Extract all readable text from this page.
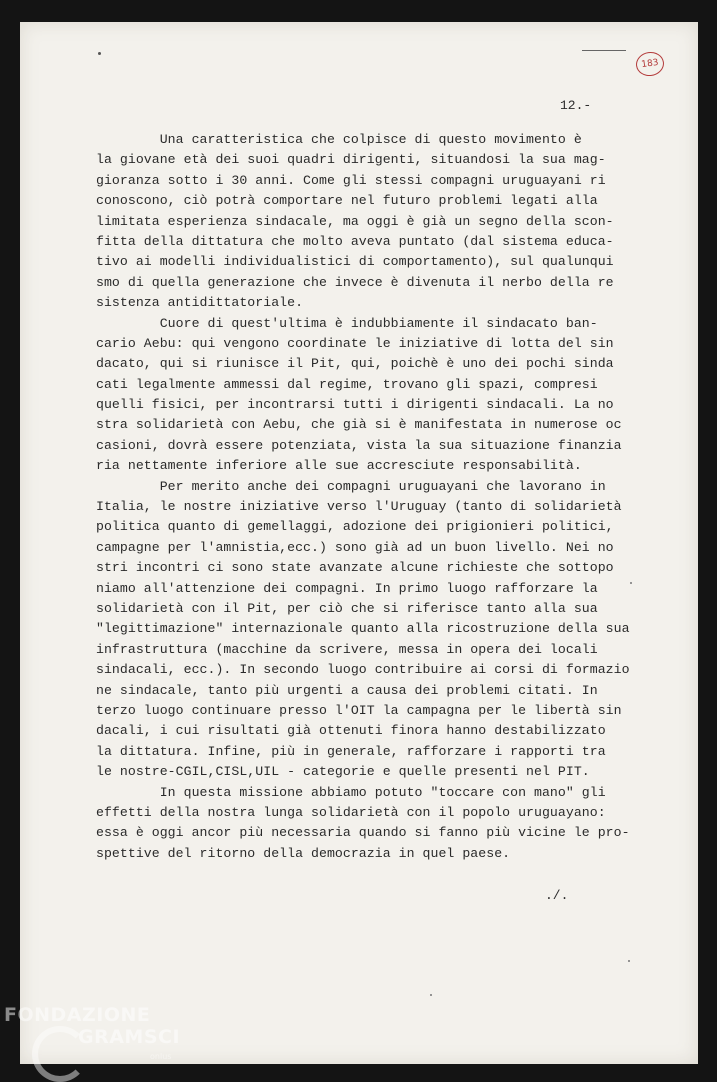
183
12.-
Una caratteristica che colpisce di questo movimento è
la giovane età dei suoi quadri dirigenti, situandosi la sua mag-
gioranza sotto i 30 anni. Come gli stessi compagni uruguayani ri
conoscono, ciò potrà comportare nel futuro problemi legati alla
limitata esperienza sindacale, ma oggi è già un segno della scon-
fitta della dittatura che molto aveva puntato (dal sistema educa-
tivo ai modelli individualistici di comportamento), sul qualunqui
smo di quella generazione che invece è divenuta il nerbo della re
sistenza antidittatoriale.
Cuore di quest'ultima è indubbiamente il sindacato ban-
cario Aebu: qui vengono coordinate le iniziative di lotta del sin
dacato, qui si riunisce il Pit, qui, poichè è uno dei pochi sinda
cati legalmente ammessi dal regime, trovano gli spazi, compresi
quelli fisici, per incontrarsi tutti i dirigenti sindacali. La no
stra solidarietà con Aebu, che già si è manifestata in numerose oc
casioni, dovrà essere potenziata, vista la sua situazione finanzia
ria nettamente inferiore alle sue accresciute responsabilità.
Per merito anche dei compagni uruguayani che lavorano in
Italia, le nostre iniziative verso l'Uruguay (tanto di solidarietà
politica quanto di gemellaggi, adozione dei prigionieri politici,
campagne per l'amnistia,ecc.) sono già ad un buon livello. Nei no
stri incontri ci sono state avanzate alcune richieste che sottopo
niamo all'attenzione dei compagni. In primo luogo rafforzare la
solidarietà con il Pit, per ciò che si riferisce tanto alla sua
"legittimazione" internazionale quanto alla ricostruzione della sua
infrastruttura (macchine da scrivere, messa in opera dei locali
sindacali, ecc.). In secondo luogo contribuire ai corsi di formazio
ne sindacale, tanto più urgenti a causa dei problemi citati. In
terzo luogo continuare presso l'OIT la campagna per le libertà sin
dacali, i cui risultati già ottenuti finora hanno destabilizzato
la dittatura. Infine, più in generale, rafforzare i rapporti tra
le nostre-CGIL,CISL,UIL - categorie e quelle presenti nel PIT.
In questa missione abbiamo potuto "toccare con mano" gli
effetti della nostra lunga solidarietà con il popolo uruguayano:
essa è oggi ancor più necessaria quando si fanno più vicine le pro-
spettive del ritorno della democrazia in quel paese.
./.
FONDAZIONE
GRAMSCI
onlus
